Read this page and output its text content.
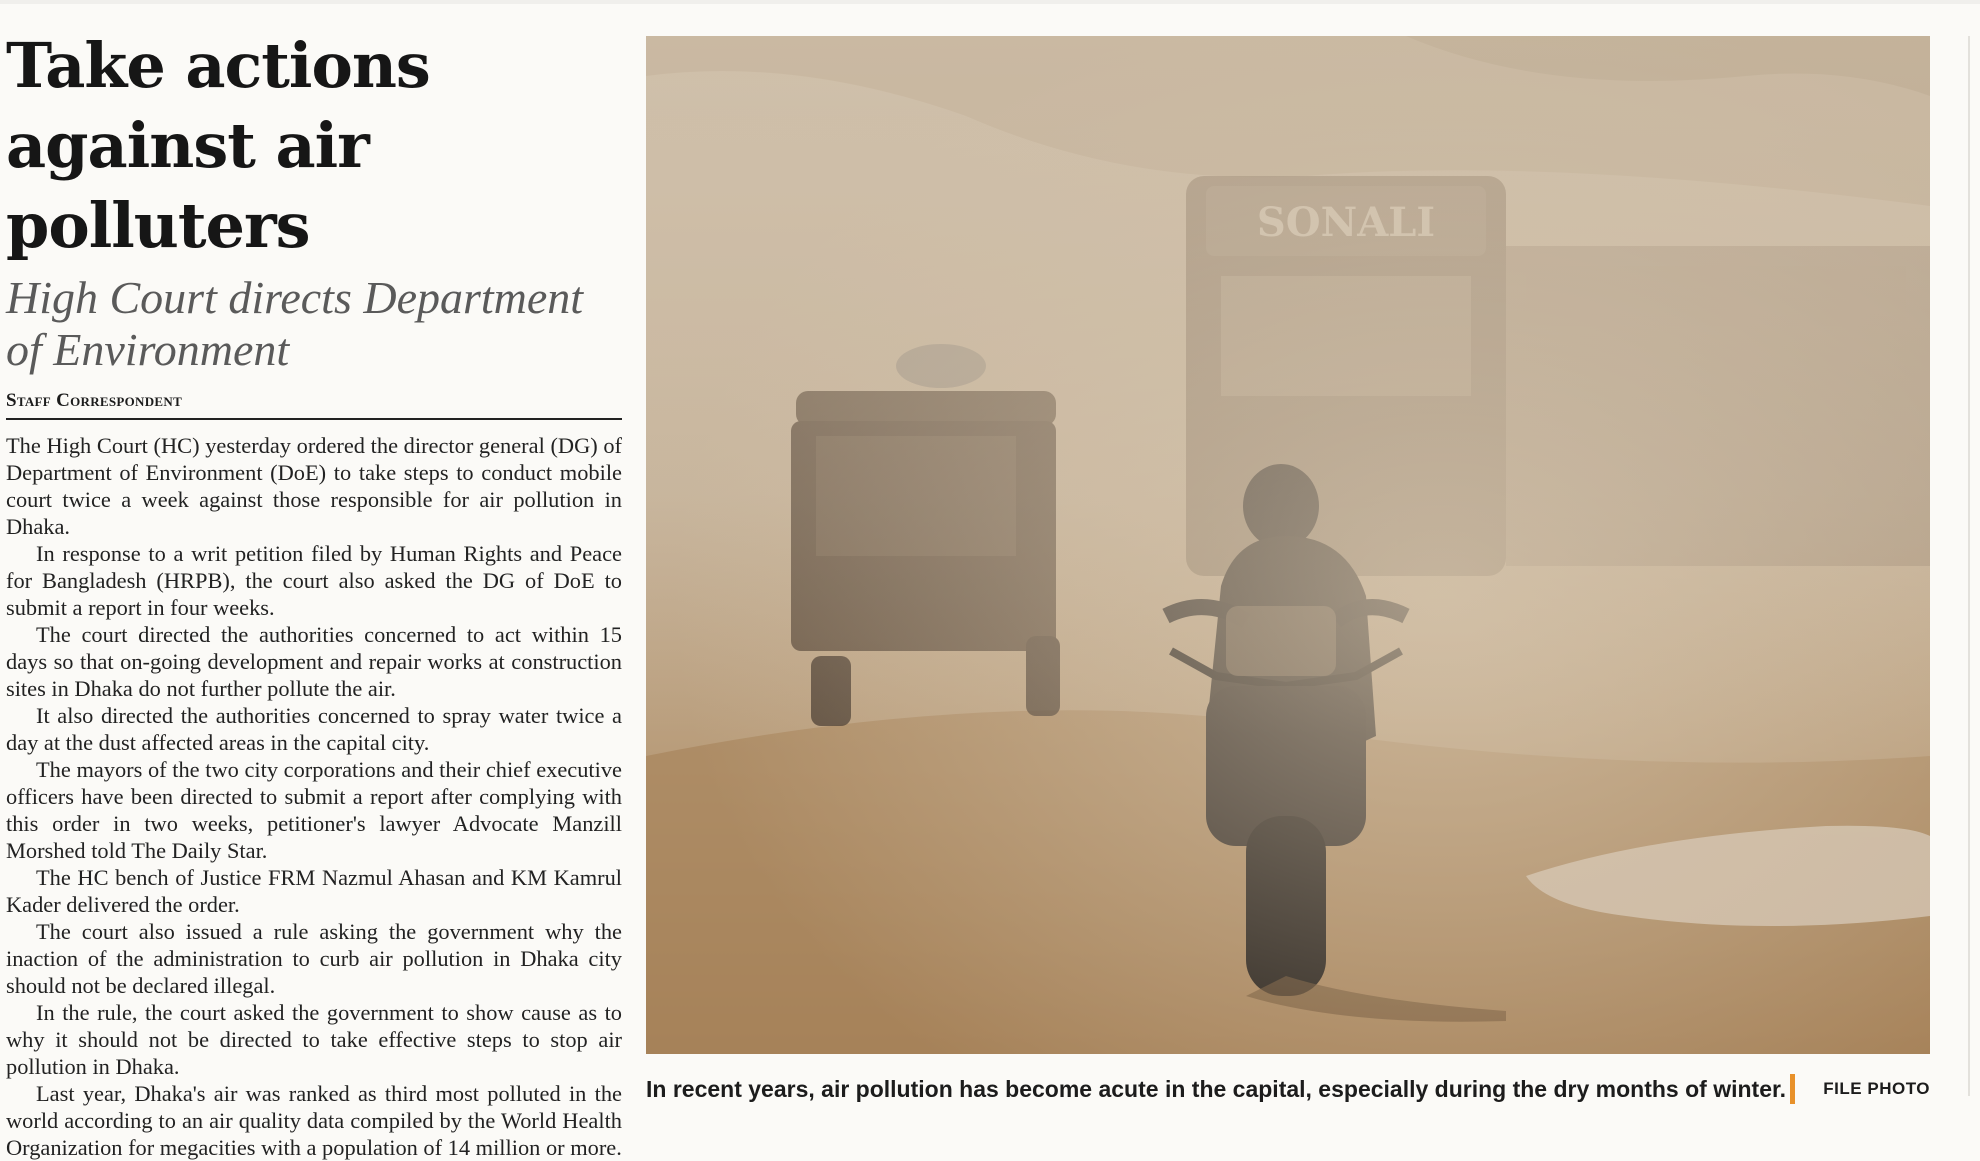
Take actions against air polluters
High Court directs Department of Environment
Staff Correspondent

The High Court (HC) yesterday ordered the director general (DG) of Department of Environment (DoE) to take steps to conduct mobile court twice a week against those responsible for air pollution in Dhaka.

In response to a writ petition filed by Human Rights and Peace for Bangladesh (HRPB), the court also asked the DG of DoE to submit a report in four weeks.

The court directed the authorities concerned to act within 15 days so that on-going development and repair works at construction sites in Dhaka do not further pollute the air.

It also directed the authorities concerned to spray water twice a day at the dust affected areas in the capital city.

The mayors of the two city corporations and their chief executive officers have been directed to submit a report after complying with this order in two weeks, petitioner's lawyer Advocate Manzill Morshed told The Daily Star.

The HC bench of Justice FRM Nazmul Ahasan and KM Kamrul Kader delivered the order.

The court also issued a rule asking the government why the inaction of the administration to curb air pollution in Dhaka city should not be declared illegal.

In the rule, the court asked the government to show cause as to why it should not be directed to take effective steps to stop air pollution in Dhaka.

Last year, Dhaka's air was ranked as third most polluted in the world according to an air quality data compiled by the World Health Organization for megacities with a population of 14 million or more.

In recent years, air pollution has become acute in the capital, especially during the dry months of winter. FILE PHOTO
